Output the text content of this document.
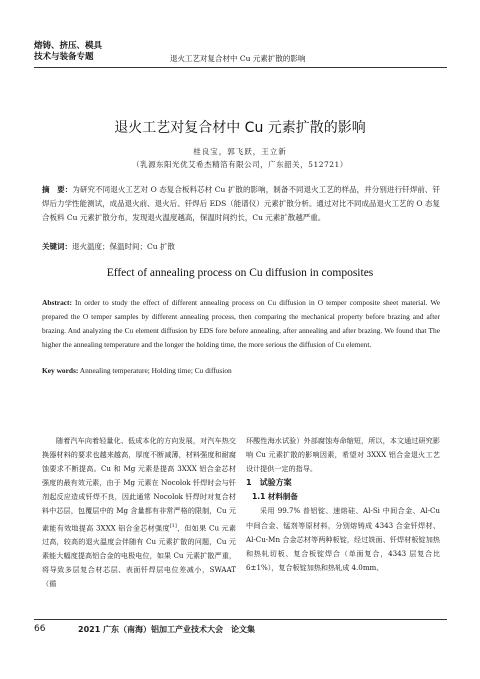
熔铸、挤压、模具
技术与装备专题	退火工艺对复合材中 Cu 元素扩散的影响
退火工艺对复合材中 Cu 元素扩散的影响
桂良宝，郭飞跃，王立新
（乳源东阳光优艾希杰精箔有限公司，广东韶关，512721）
摘　要：为研究不同退火工艺对 O 态复合板料芯材 Cu 扩散的影响，制备不同退火工艺的样品，并分别进行钎焊前、钎焊后力学性能测试，成品退火前、退火后、钎焊后 EDS（能谱仪）元素扩散分析。通过对比不同成品退火工艺的 O 态复合板料 Cu 元素扩散分布，发现退火温度越高，保温时间约长，Cu 元素扩散越严重。
关键词：退火温度；保温时间；Cu 扩散
Effect of annealing process on Cu diffusion in composites
Abstract: In order to study the effect of different annealing process on Cu diffusion in O temper composite sheet material. We prepared the O temper samples by different annealing process, then comparing the mechanical property before brazing and after brazing. And analyzing the Cu element diffusion by EDS fore before annealing, after annealing and after brazing. We found that The higher the annealing temperature and the longer the holding time, the more serious the diffusion of Cu element.
Key words: Annealing temperature; Holding time; Cu diffusion

随着汽车向着轻量化、低成本化的方向发展，对汽车热交换器材料的要求也越来越高，厚度不断减薄，材料强度和耐腐蚀要求不断提高。Cu 和 Mg 元素是提高 3XXX 铝合金芯材强度的最有效元素，由于 Mg 元素在 Nocolok 钎焊时会与钎剂起反应造成钎焊不良，因此通常 Nocolok 钎焊时对复合材料中芯层，包覆层中的 Mg 含量都有非常严格的限制，Cu 元素能有效地提高 3XXX 铝合金芯材强度[1]，但如果 Cu 元素过高，较高的退火温度会伴随有 Cu 元素扩散的问题，Cu 元素能大幅度提高铝合金的电极电位，如果 Cu 元素扩散严重，将导致多层复合材芯层、表面钎焊层电位差减小，SWAAT（循

环酸性海水试验）外部腐蚀寿命缩短，所以，本文通过研究影响 Cu 元素扩散的影响因素，希望对 3XXX 铝合金退火工艺设计提供一定的指导。

1　试验方案

1.1 材料制备

采用 99.7% 普铝锭、速熔硅、Al-Si 中间合金、Al-Cu 中间合金、锰剂等原材料，分别熔铸成 4343 合金钎焊材、Al-Cu-Mn 合金芯材等两种板锭，经过铣面、钎焊材板锭加热和热轧切板、复合板锭焊合（单面复合，4343 层复合比 6±1%），复合板锭加热和热轧成 4.0mm、

66	2021 广东（南海）铝加工产业技术大会　论文集
